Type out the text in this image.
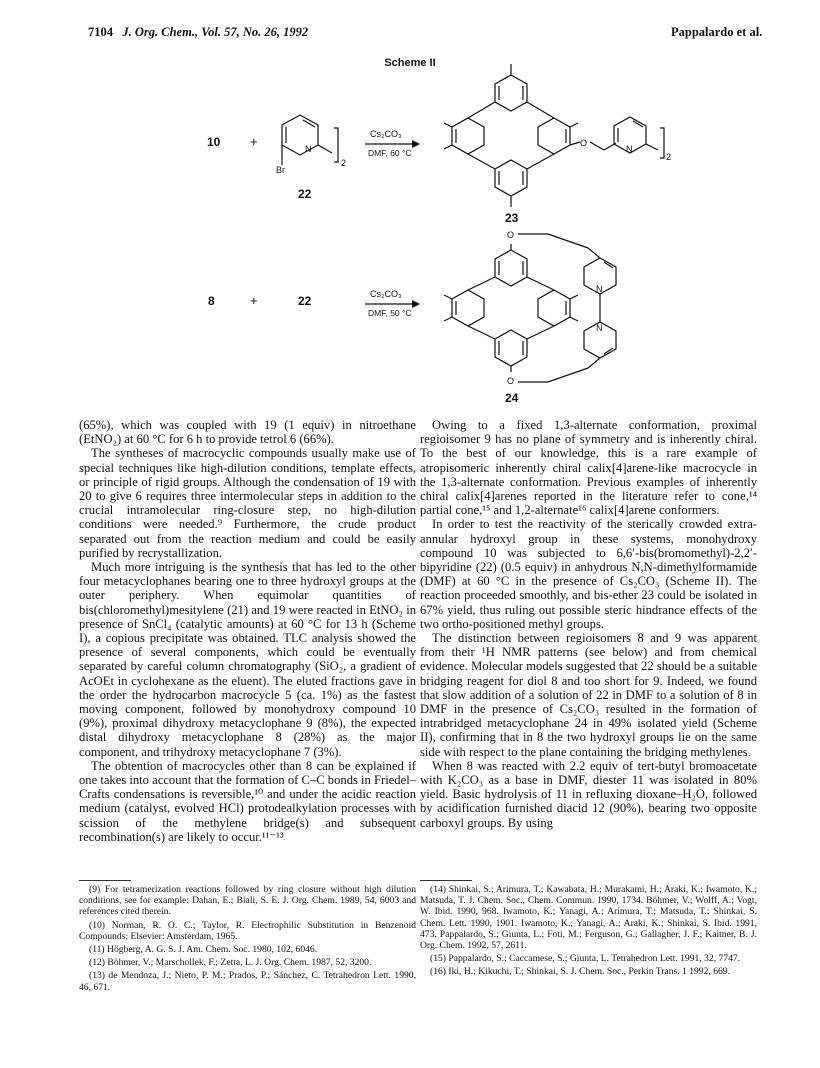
7104 J. Org. Chem., Vol. 57, No. 26, 1992	Pappalardo et al.
Scheme II
10 +	N
Br
2
22
Cs₂CO₃
DMF, 60 °C
O
N
2
23
8	+	22	Cs₂CO₃
DMF, 50 °C
O
O
N
N
24

(65%), which was coupled with 19 (1 equiv) in nitroethane (EtNO₂) at 60 °C for 6 h to provide tetrol 6 (66%).

The syntheses of macrocyclic compounds usually make use of special techniques like high-dilution conditions, template effects, or principle of rigid groups. Although the condensation of 19 with 20 to give 6 requires three intermolecular steps in addition to the crucial intramolecular ring-closure step, no high-dilution conditions were needed.⁹ Furthermore, the crude product separated out from the reaction medium and could be easily purified by recrystallization.

Much more intriguing is the synthesis that has led to the other four metacyclophanes bearing one to three hydroxyl groups at the outer periphery. When equimolar quantities of bis(chloromethyl)mesitylene (21) and 19 were reacted in EtNO₂ in presence of SnCl₄ (catalytic amounts) at 60 °C for 13 h (Scheme I), a copious precipitate was obtained. TLC analysis showed the presence of several components, which could be eventually separated by careful column chromatography (SiO₂, a gradient of AcOEt in cyclohexane as the eluent). The eluted fractions gave in the order the hydrocarbon macrocycle 5 (ca. 1%) as the fastest moving component, followed by monohydroxy compound 10 (9%), proximal dihydroxy metacyclophane 9 (8%), the expected distal dihydroxy metacyclophane 8 (28%) as the major component, and trihydroxy metacyclophane 7 (3%).

The obtention of macrocycles other than 8 can be explained if one takes into account that the formation of C–C bonds in Friedel–Crafts condensations is reversible,¹⁰ and under the acidic reaction medium (catalyst, evolved HCl) protodealkylation processes with scission of the methylene bridge(s) and subsequent recombination(s) are likely to occur.¹¹⁻¹³

Owing to a fixed 1,3-alternate conformation, proximal regioisomer 9 has no plane of symmetry and is inherently chiral. To the best of our knowledge, this is a rare example of atropisomeric inherently chiral calix[4]arene-like macrocycle in the 1,3-alternate conformation. Previous examples of inherently chiral calix[4]arenes reported in the literature refer to cone,¹⁴ partial cone,¹⁵ and 1,2-alternate¹⁶ calix[4]arene conformers.

In order to test the reactivity of the sterically crowded extra-annular hydroxyl group in these systems, monohydroxy compound 10 was subjected to 6,6′-bis(bromomethyl)-2,2′-bipyridine (22) (0.5 equiv) in anhydrous N,N-dimethylformamide (DMF) at 60 °C in the presence of Cs₂CO₃ (Scheme II). The reaction proceeded smoothly, and bis-ether 23 could be isolated in 67% yield, thus ruling out possible steric hindrance effects of the two ortho-positioned methyl groups.

The distinction between regioisomers 8 and 9 was apparent from their ¹H NMR patterns (see below) and from chemical evidence. Molecular models suggested that 22 should be a suitable bridging reagent for diol 8 and too short for 9. Indeed, we found that slow addition of a solution of 22 in DMF to a solution of 8 in DMF in the presence of Cs₂CO₃ resulted in the formation of intrabridged metacyclophane 24 in 49% isolated yield (Scheme II), confirming that in 8 the two hydroxyl groups lie on the same side with respect to the plane containing the bridging methylenes.

When 8 was reacted with 2.2 equiv of tert-butyl bromoacetate with K₂CO₃ as a base in DMF, diester 11 was isolated in 80% yield. Basic hydrolysis of 11 in refluxing dioxane–H₂O, followed by acidification furnished diacid 12 (90%), bearing two opposite carboxyl groups. By using

(9) For tetramerization reactions followed by ring closure without high dilution conditions, see for example: Dahan, E.; Biali, S. E. J. Org. Chem. 1989, 54, 6003 and references cited therein.

(10) Norman, R. O. C.; Taylor, R. Electrophilic Substitution in Benzenoid Compounds; Elsevier: Amsterdam, 1965.

(11) Högberg, A. G. S. J. Am. Chem. Soc. 1980, 102, 6046.

(12) Böhmer, V.; Marschollek, F.; Zetta, L. J. Org. Chem. 1987, 52, 3200.

(13) de Mendoza, J.; Nieto, P. M.; Prados, P.; Sánchez, C. Tetrahedron Lett. 1990, 46, 671.

(14) Shinkai, S.; Arimura, T.; Kawabata, H.; Murakami, H.; Araki, K.; Iwamoto, K.; Matsuda, T. J. Chem. Soc., Chem. Commun. 1990, 1734. Böhmer, V.; Wolff, A.; Vogt, W. Ibid. 1990, 968. Iwamoto, K.; Yanagi, A.; Arimura, T.; Matsuda, T.; Shinkai, S. Chem. Lett. 1990, 1901. Iwamoto, K.; Yanagi, A.; Araki, K.; Shinkai, S. Ibid. 1991, 473. Pappalardo, S.; Giunta, L.; Foti, M.; Ferguson, G.; Gallagher, J. F.; Kaitner, B. J. Org. Chem. 1992, 57, 2611.

(15) Pappalardo, S.; Caccamese, S.; Giunta, L. Tetrahedron Lett. 1991, 32, 7747.

(16) Iki, H.; Kikuchi, T.; Shinkai, S. J. Chem. Soc., Perkin Trans. 1 1992, 669.
